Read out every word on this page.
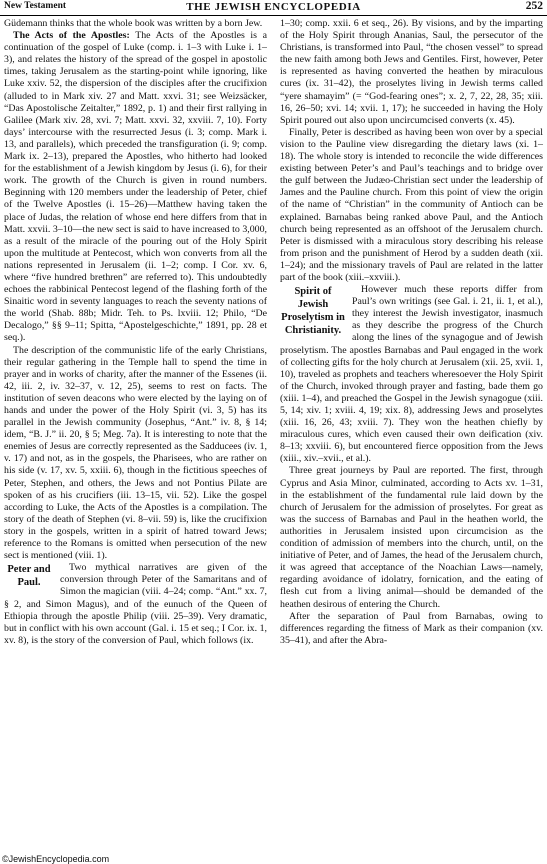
New Testament	THE JEWISH ENCYCLOPEDIA	252

Güdemann thinks that the whole book was written by a born Jew.

The Acts of the Apostles: The Acts of the Apostles is a continuation of the gospel of Luke (comp. i. 1–3 with Luke i. 1–3), and relates the history of the spread of the gospel in apostolic times, taking Jerusalem as the starting-point while ignoring, like Luke xxiv. 52, the dispersion of the disciples after the crucifixion (alluded to in Mark xiv. 27 and Matt. xxvi. 31; see Weizsäcker, “Das Apostolische Zeitalter,” 1892, p. 1) and their first rallying in Galilee (Mark xiv. 28, xvi. 7; Matt. xxvi. 32, xxviii. 7, 10). Forty days’ intercourse with the resurrected Jesus (i. 3; comp. Mark i. 13, and parallels), which preceded the transfiguration (i. 9; comp. Mark ix. 2–13), prepared the Apostles, who hitherto had looked for the establishment of a Jewish kingdom by Jesus (i. 6), for their work. The growth of the Church is given in round numbers. Beginning with 120 members under the leadership of Peter, chief of the Twelve Apostles (i. 15–26)—Matthew having taken the place of Judas, the relation of whose end here differs from that in Matt. xxvii. 3–10—the new sect is said to have increased to 3,000, as a result of the miracle of the pouring out of the Holy Spirit upon the multitude at Pentecost, which won converts from all the nations represented in Jerusalem (ii. 1–2; comp. I Cor. xv. 6, where “five hundred brethren” are referred to). This undoubtedly echoes the rabbinical Pentecost legend of the flashing forth of the Sinaitic word in seventy languages to reach the seventy nations of the world (Shab. 88b; Midr. Teh. to Ps. lxviii. 12; Philo, “De Decalogo,” §§ 9–11; Spitta, “Apostelgeschichte,” 1891, pp. 28 et seq.).

The description of the communistic life of the early Christians, their regular gathering in the Temple hall to spend the time in prayer and in works of charity, after the manner of the Essenes (ii. 42, iii. 2, iv. 32–37, v. 12, 25), seems to rest on facts. The institution of seven deacons who were elected by the laying on of hands and under the power of the Holy Spirit (vi. 3, 5) has its parallel in the Jewish community (Josephus, “Ant.” iv. 8, § 14; idem, “B. J.” ii. 20, § 5; Meg. 7a). It is interesting to note that the enemies of Jesus are correctly represented as the Sadducees (iv. 1, v. 17) and not, as in the gospels, the Pharisees, who are rather on his side (v. 17, xv. 5, xxiii. 6), though in the fictitious speeches of Peter, Stephen, and others, the Jews and not Pontius Pilate are spoken of as his crucifiers (iii. 13–15, vii. 52). Like the gospel according to Luke, the Acts of the Apostles is a compilation. The story of the death of Stephen (vi. 8–vii. 59) is, like the crucifixion story in the gospels, written in a spirit of hatred toward Jews; reference to the Romans is omitted when persecution of the new sect is mentioned (viii. 1).

Peter and Paul.

Two mythical narratives are given of the conversion through Peter of the Samaritans and of Simon the magician (viii. 4–24; comp. “Ant.” xx. 7, § 2, and Simon Magus), and of the eunuch of the Queen of Ethiopia through the apostle Philip (viii. 25–39). Very dramatic, but in conflict with his own account (Gal. i. 15 et seq.; I Cor. ix. 1, xv. 8), is the story of the conversion of Paul, which follows (ix.

1–30; comp. xxii. 6 et seq., 26). By visions, and by the imparting of the Holy Spirit through Ananias, Saul, the persecutor of the Christians, is transformed into Paul, “the chosen vessel” to spread the new faith among both Jews and Gentiles. First, however, Peter is represented as having converted the heathen by miraculous cures (ix. 31–42), the proselytes living in Jewish terms called “yere shamayim” (= “God-fearing ones”; x. 2, 7, 22, 28, 35; xiii. 16, 26–50; xvi. 14; xvii. 1, 17); he succeeded in having the Holy Spirit poured out also upon uncircumcised converts (x. 45).

Finally, Peter is described as having been won over by a special vision to the Pauline view disregarding the dietary laws (xi. 1–18). The whole story is intended to reconcile the wide differences existing between Peter’s and Paul’s teachings and to bridge over the gulf between the Judæo-Christian sect under the leadership of James and the Pauline church. From this point of view the origin of the name of “Christian” in the community of Antioch can be explained. Barnabas being ranked above Paul, and the Antioch church being represented as an offshoot of the Jerusalem church. Peter is dismissed with a miraculous story describing his release from prison and the punishment of Herod by a sudden death (xii. 1–24); and the missionary travels of Paul are related in the latter part of the book (xiii.–xxviii.).

Spirit of Jewish Proselytism in Christianity.

However much these reports differ from Paul’s own writings (see Gal. i. 21, ii. 1, et al.), they interest the Jewish investigator, inasmuch as they describe the progress of the Church along the lines of the synagogue and of Jewish proselytism. The apostles Barnabas and Paul engaged in the work of collecting gifts for the holy church at Jerusalem (xii. 25, xvii. 1, 10), traveled as prophets and teachers wheresoever the Holy Spirit of the Church, invoked through prayer and fasting, bade them go (xiii. 1–4), and preached the Gospel in the Jewish synagogue (xiii. 5, 14; xiv. 1; xviii. 4, 19; xix. 8), addressing Jews and proselytes (xiii. 16, 26, 43; xviii. 7). They won the heathen chiefly by miraculous cures, which even caused their own deification (xiv. 8–13; xxviii. 6), but encountered fierce opposition from the Jews (xiii., xiv.–xvii., et al.).

Three great journeys by Paul are reported. The first, through Cyprus and Asia Minor, culminated, according to Acts xv. 1–31, in the establishment of the fundamental rule laid down by the church of Jerusalem for the admission of proselytes. For great as was the success of Barnabas and Paul in the heathen world, the authorities in Jerusalem insisted upon circumcision as the condition of admission of members into the church, until, on the initiative of Peter, and of James, the head of the Jerusalem church, it was agreed that acceptance of the Noachian Laws—namely, regarding avoidance of idolatry, fornication, and the eating of flesh cut from a living animal—should be demanded of the heathen desirous of entering the Church.

After the separation of Paul from Barnabas, owing to differences regarding the fitness of Mark as their companion (xv. 35–41), and after the Abra-

©JewishEncyclopedia.com
